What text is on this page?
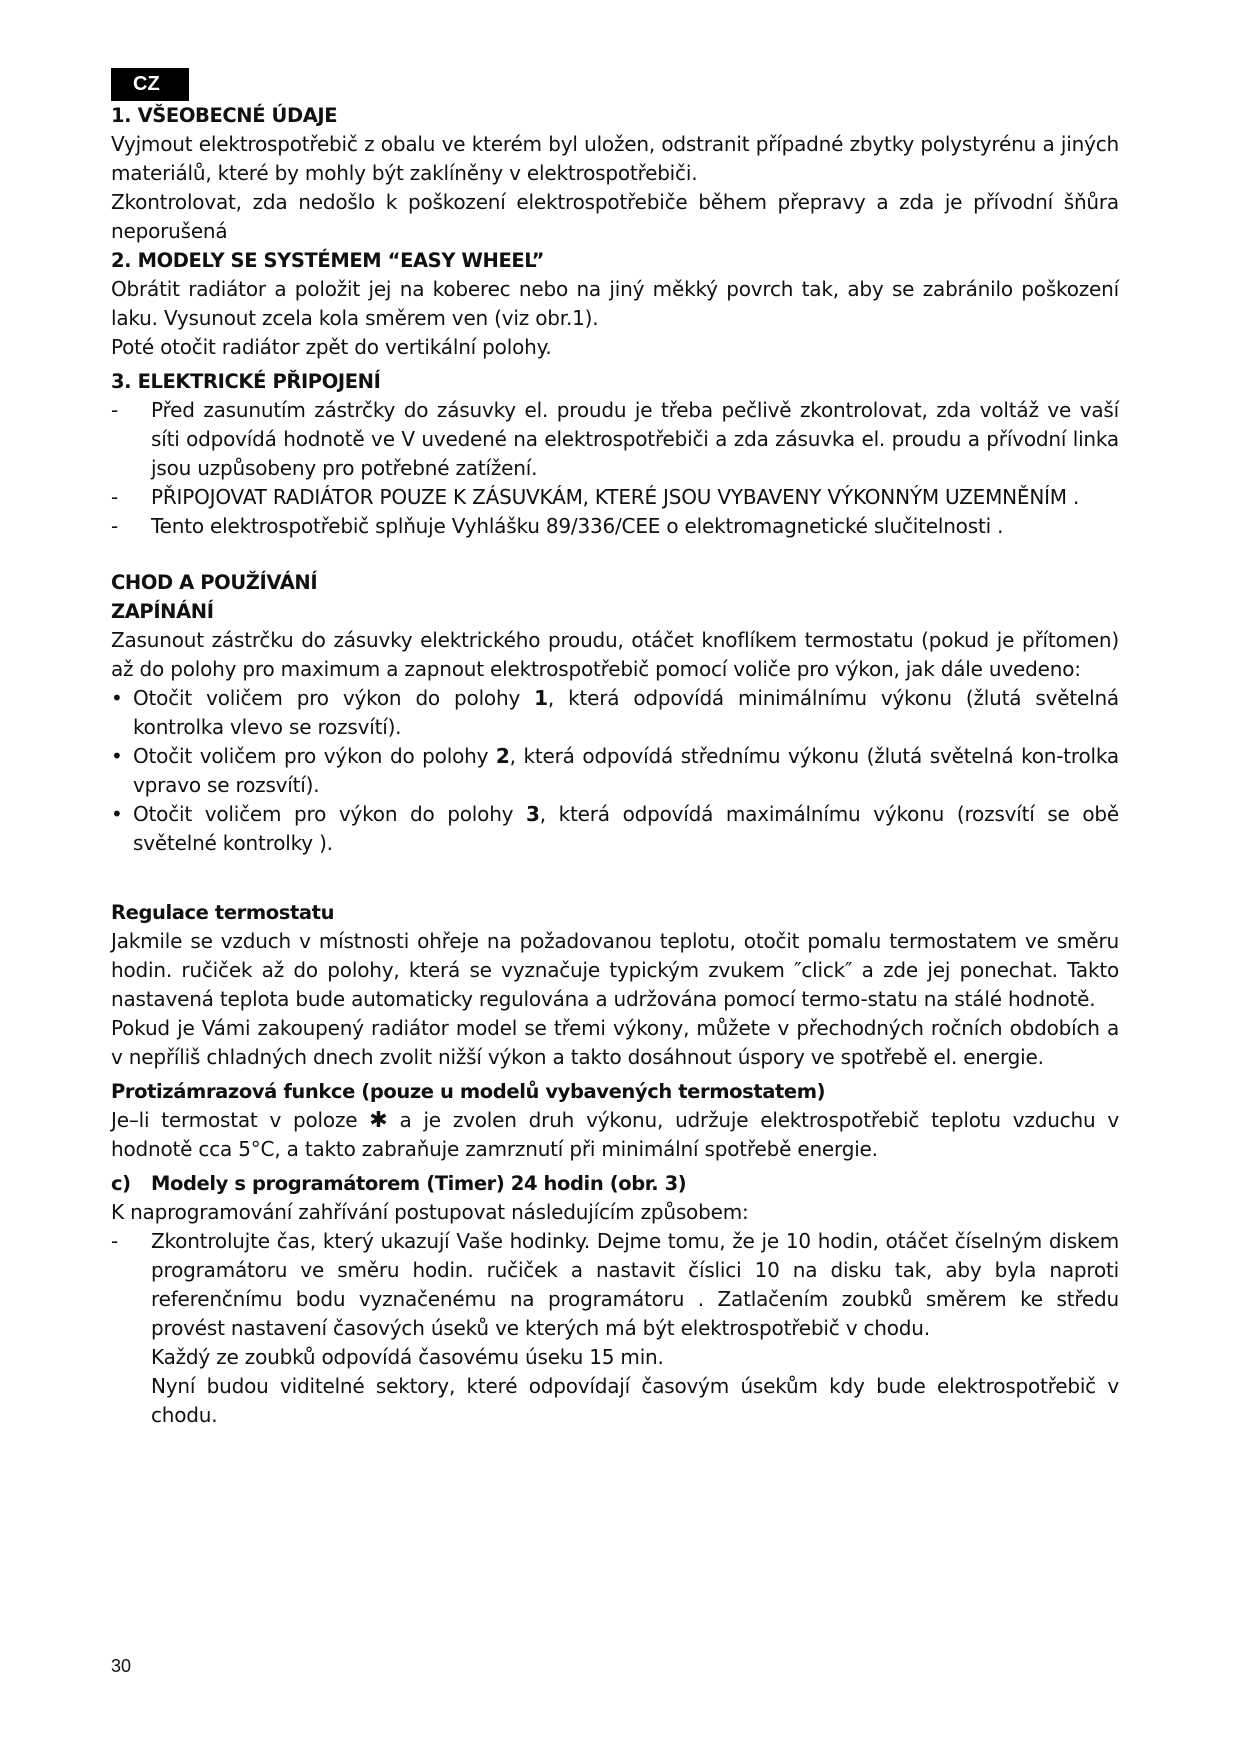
CZ
1. VŠEOBECNÉ ÚDAJE
Vyjmout elektrospotřebič z obalu ve kterém byl uložen, odstranit případné zbytky polystyrénu a jiných materiálů, které by mohly být zaklíněny v elektrospotřebiči.
Zkontrolovat, zda nedošlo k poškození elektrospotřebiče během přepravy a zda je přívodní šňůra neporušená
2. MODELY SE SYSTÉMEM “EASY WHEEL”
Obrátit radiátor a položit jej na koberec nebo na jiný měkký povrch tak, aby se zabránilo poškození laku. Vysunout zcela kola směrem ven (viz obr.1).
Poté otočit radiátor zpět do vertikální polohy.
3. ELEKTRICKÉ PŘIPOJENÍ
-	Před zasunutím zástrčky do zásuvky el. proudu je třeba pečlivě zkontrolovat, zda voltáž ve vaší síti odpovídá hodnotě ve V uvedené na elektrospotřebiči a zda zásuvka el. proudu a přívodní linka jsou uzpůsobeny pro potřebné zatížení.
-	PŘIPOJOVAT RADIÁTOR POUZE K ZÁSUVKÁM, KTERÉ JSOU VYBAVENY VÝKONNÝM UZEMNĚNÍM .
-	Tento elektrospotřebič splňuje Vyhlášku 89/336/CEE o elektromagnetické slučitelnosti .
CHOD A POUŽÍVÁNÍ
ZAPÍNÁNÍ
Zasunout zástrčku do zásuvky elektrického proudu, otáčet knoflíkem termostatu (pokud je přítomen) až do polohy pro maximum a zapnout elektrospotřebič pomocí voliče pro výkon, jak dále uvedeno:
• Otočit voličem pro výkon do polohy 1, která odpovídá minimálnímu výkonu (žlutá světelná kontrolka vlevo se rozsvítí).
• Otočit voličem pro výkon do polohy 2, která odpovídá střednímu výkonu (žlutá světelná kon-trolka vpravo se rozsvítí).
• Otočit voličem pro výkon do polohy 3, která odpovídá maximálnímu výkonu (rozsvítí se obě světelné kontrolky ).
Regulace termostatu
Jakmile se vzduch v místnosti ohřeje na požadovanou teplotu, otočit pomalu termostatem ve směru hodin. ručiček až do polohy, která se vyznačuje typickým zvukem ″click″ a zde jej ponechat. Takto nastavená teplota bude automaticky regulována a udržována pomocí termo-statu na stálé hodnotě.
Pokud je Vámi zakoupený radiátor model se třemi výkony, můžete v přechodných ročních obdobích a v nepříliš chladných dnech zvolit nižší výkon a takto dosáhnout úspory ve spotřebě el. energie.
Protizámrazová funkce (pouze u modelů vybavených termostatem)
Je–li termostat v poloze ✱ a je zvolen druh výkonu, udržuje elektrospotřebič teplotu vzduchu v hodnotě cca 5°C, a takto zabraňuje zamrznutí při minimální spotřebě energie.
c) Modely s programátorem (Timer) 24 hodin (obr. 3)
K naprogramování zahřívání postupovat následujícím způsobem:
-	Zkontrolujte čas, který ukazují Vaše hodinky. Dejme tomu, že je 10 hodin, otáčet číselným diskem programátoru ve směru hodin. ručiček a nastavit číslici 10 na disku tak, aby byla naproti referenčnímu bodu vyznačenému na programátoru . Zatlačením zoubků směrem ke středu provést nastavení časových úseků ve kterých má být elektrospotřebič v chodu.
Každý ze zoubků odpovídá časovému úseku 15 min.
Nyní budou viditelné sektory, které odpovídají časovým úsekům kdy bude elektrospotřebič v chodu.
30
